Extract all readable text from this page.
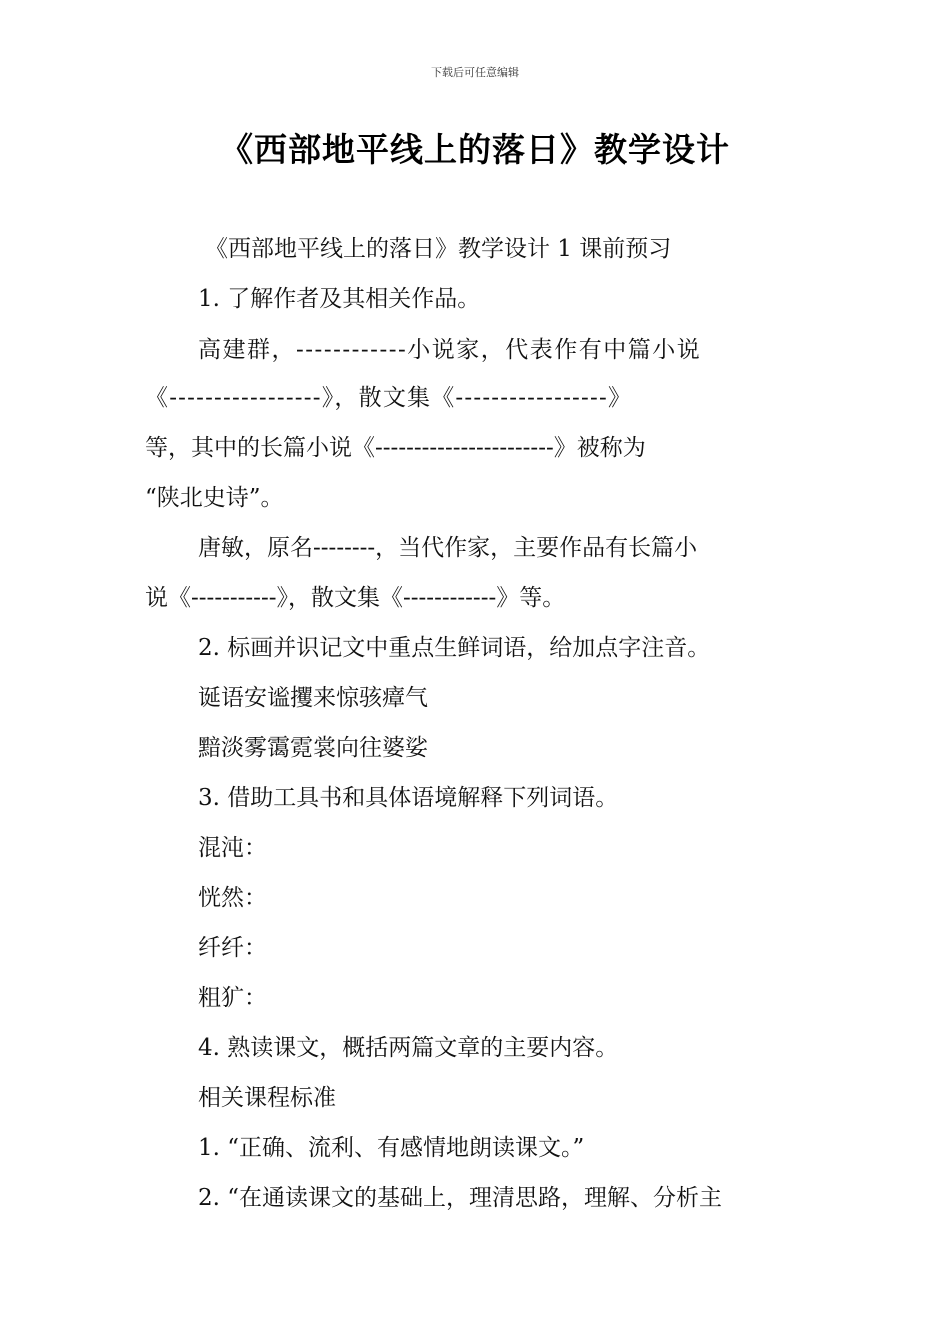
下载后可任意编辑
《西部地平线上的落日》教学设计
《西部地平线上的落日》教学设计 1 课前预习
1. 了解作者及其相关作品。
高建群，------------小说家，代表作有中篇小说
《-----------------》，散文集《-----------------》
等，其中的长篇小说《-----------------------》被称为
“陕北史诗”。
唐敏，原名--------，当代作家，主要作品有长篇小
说《-----------》，散文集《------------》等。
2. 标画并识记文中重点生鲜词语，给加点字注音。
诞语安谧攫来惊骇瘴气
黯淡雾霭霓裳向往婆娑
3. 借助工具书和具体语境解释下列词语。
混沌：
恍然：
纤纤：
粗犷：
4. 熟读课文，概括两篇文章的主要内容。
相关课程标准
1. “正确、流利、有感情地朗读课文。”
2. “在通读课文的基础上，理清思路，理解、分析主
